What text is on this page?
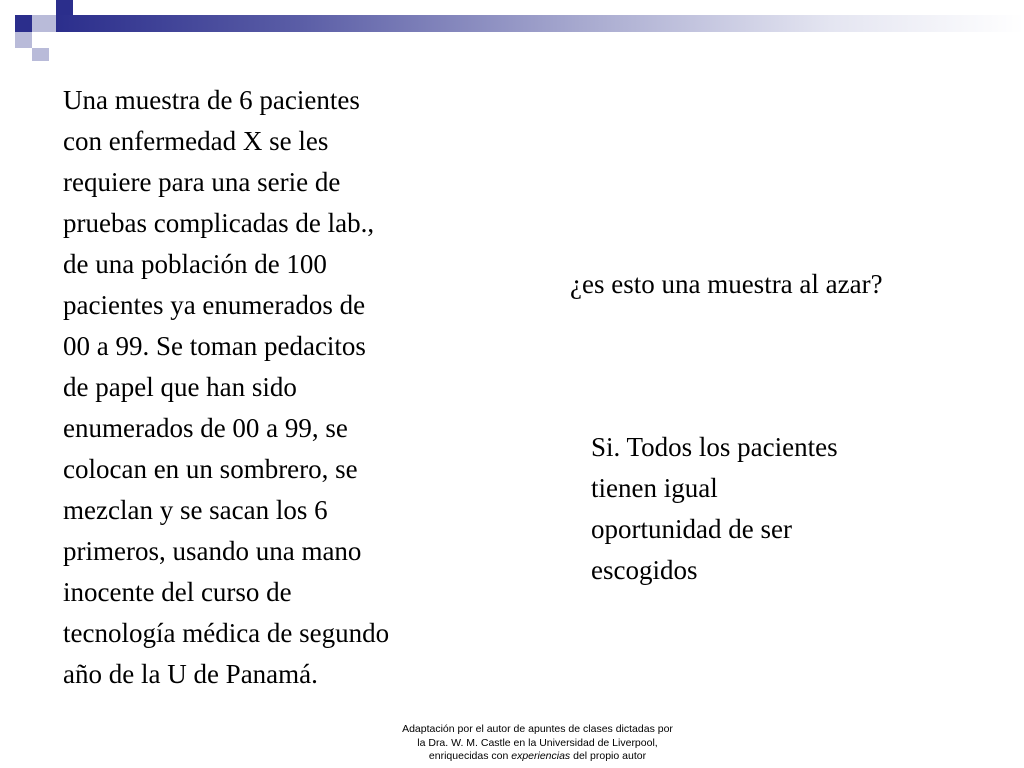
Una muestra de 6 pacientes
con enfermedad X se les
requiere para una serie de
pruebas complicadas de lab.,
de una población de 100
pacientes ya enumerados de
00 a 99. Se toman pedacitos
de papel que han sido
enumerados de 00 a 99, se
colocan en un sombrero, se
mezclan y se sacan los 6
primeros, usando una mano
inocente del curso de
tecnología médica de segundo
año de la U de Panamá.

¿es esto una muestra al azar?

Si. Todos los pacientes
tienen igual
oportunidad de ser
escogidos

Adaptación por el autor de apuntes de clases dictadas por
la Dra. W. M. Castle en la Universidad de Liverpool,
enriquecidas con experiencias del propio autor
